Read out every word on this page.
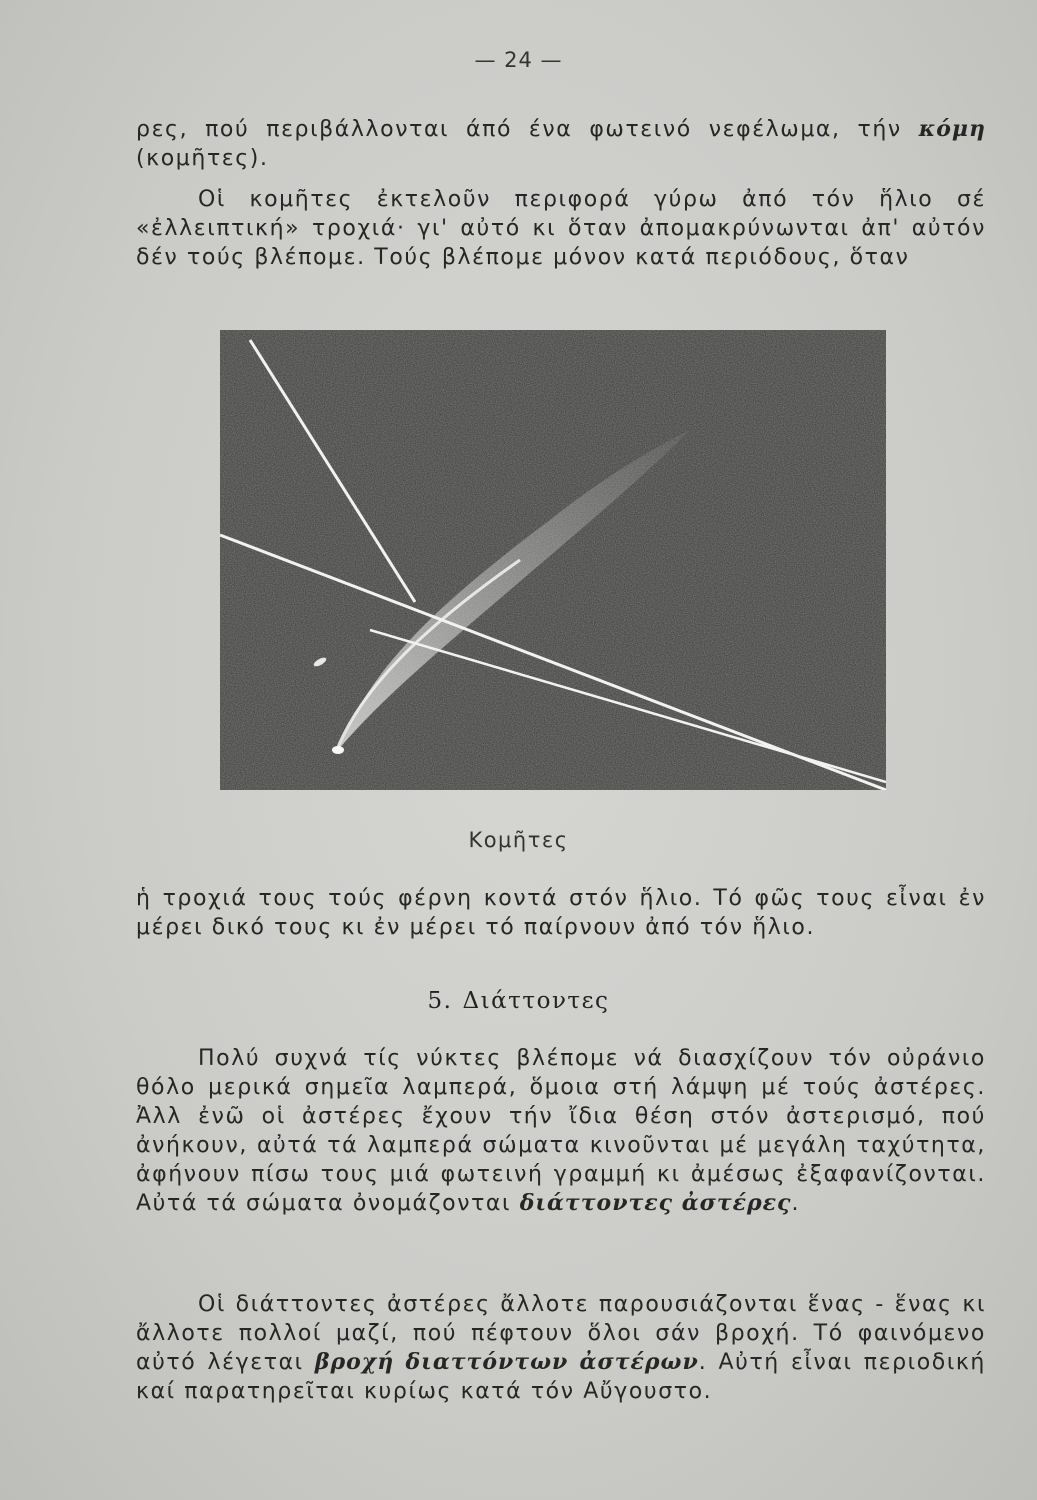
— 24 —

ρες, πού περιβάλλονται άπό ένα φωτεινό νεφέλωμα, τήν κόμη (κομῆτες).

Οἱ κομῆτες ἐκτελοῦν περιφορά γύρω ἀπό τόν ἥλιο σέ «ἐλλειπτική» τροχιά· γι' αὐτό κι ὅταν ἀπομακρύνωνται ἀπ' αὐτόν δέν τούς βλέπομε. Τούς βλέπομε μόνον κατά περιόδους, ὅταν

Κομῆτες

ἡ τροχιά τους τούς φέρνη κοντά στόν ἥλιο. Τό φῶς τους εἶναι ἐν μέρει δικό τους κι ἐν μέρει τό παίρνουν ἀπό τόν ἥλιο.

5. Διάττοντες

Πολύ συχνά τίς νύκτες βλέπομε νά διασχίζουν τόν οὐράνιο θόλο μερικά σημεῖα λαμπερά, ὅμοια στή λάμψη μέ τούς ἀστέρες. Ἀλλ ἐνῶ οἱ ἀστέρες ἔχουν τήν ἴδια θέση στόν ἀστερισμό, πού ἀνήκουν, αὐτά τά λαμπερά σώματα κινοῦνται μέ μεγάλη ταχύτητα, ἀφήνουν πίσω τους μιά φωτεινή γραμμή κι ἀμέσως ἐξαφανίζονται. Αὐτά τά σώματα ὀνομάζονται διάττοντες ἀστέρες.

Οἱ διάττοντες ἀστέρες ἄλλοτε παρουσιάζονται ἕνας - ἕνας κι ἄλλοτε πολλοί μαζί, πού πέφτουν ὅλοι σάν βροχή. Τό φαινόμενο αὐτό λέγεται βροχή διαττόντων ἀστέρων. Αὐτή εἶναι περιοδική καί παρατηρεῖται κυρίως κατά τόν Αὔγουστο.
